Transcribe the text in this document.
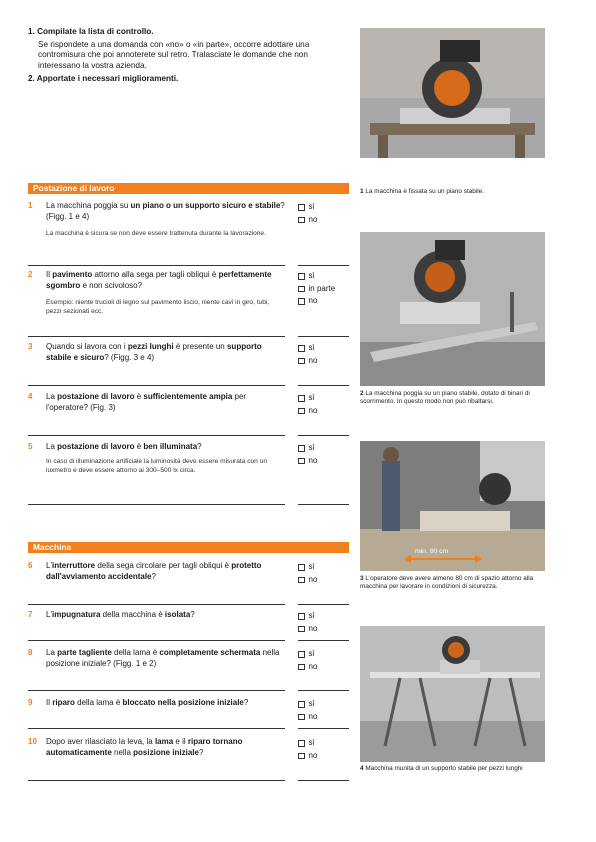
1. Compilate la lista di controllo.
Se rispondete a una domanda con «no» o «in parte», occorre adottare una contromisura che poi annoterete sul retro. Tralasciate le domande che non interessano la vostra azienda.
2. Apportate i necessari miglioramenti.
Postazione di lavoro
1 La macchina poggia su un piano o un supporto sicuro e stabile? (Figg. 1 e 4)
La macchina è sicura se non deve essere trattenuta durante la lavorazione.
sì
no
2 Il pavimento attorno alla sega per tagli obliqui è perfettamente sgombro e non scivoloso?
Esempio: niente trucioli di legno sul pavimento liscio, niente cavi in giro, tubi, pezzi sezionati ecc.
sì
in parte
no
3 Quando si lavora con i pezzi lunghi è presente un supporto stabile e sicuro? (Figg. 3 e 4)
sì
no
4 La postazione di lavoro è sufficientemente ampia per l'operatore? (Fig. 3)
sì
no
5 La postazione di lavoro è ben illuminata?
In caso di illuminazione artificiale la luminosità deve essere misurata con un luxmetro e deve essere attorno ai 300–500 lx circa.
sì
no
6 L'interruttore della sega circolare per tagli obliqui è protetto dall'avviamento accidentale?
sì
no
7 L'impugnatura della macchina è isolata?	sì
no
8 La parte tagliente della lama è completamente schermata nella posizione iniziale? (Figg. 1 e 2)
sì
no
9 Il riparo della lama è bloccato nella posizione iniziale?	sì
no
10 Dopo aver rilasciato la leva, la lama e il riparo tornano automaticamente nella posizione iniziale?
sì
no
Macchina
1 La macchina è fissata su un piano stabile.
2 La macchina poggia su un piano stabile, dotato di binari di scorrimento. In questo modo non può ribaltarsi.
min. 80 cm
3 L'operatore deve avere almeno 80 cm di spazio attorno alla macchina per lavorare in condizioni di sicurezza.
4 Macchina munita di un supporto stabile per pezzi lunghi
